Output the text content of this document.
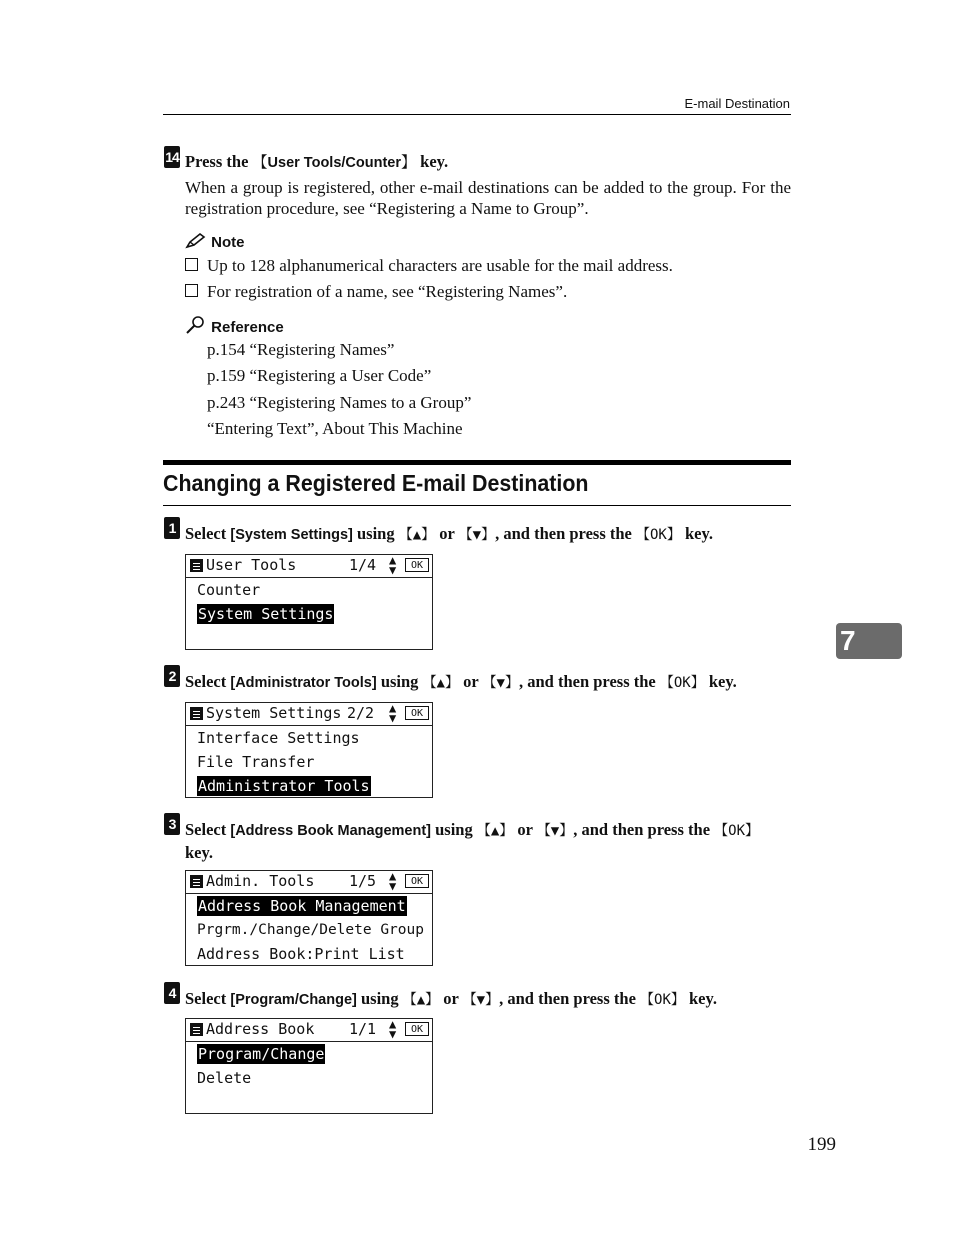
E-mail Destination
14 Press the 【User Tools/Counter】 key.
When a group is registered, other e-mail destinations can be added to the group. For the registration procedure, see “Registering a Name to Group”.
Note
Up to 128 alphanumerical characters are usable for the mail address.
For registration of a name, see “Registering Names”.
Reference
p.154 “Registering Names”
p.159 “Registering a User Code”
p.243 “Registering Names to a Group”
“Entering Text”, About This Machine
Changing a Registered E-mail Destination
7
1 Select [System Settings] using 【▲】 or 【▼】, and then press the 【OK】 key.
User Tools	1/4 ▲
▼	OK
Counter
System Settings
2 Select [Administrator Tools] using 【▲】 or 【▼】, and then press the 【OK】 key.
System Settings 2/2 ▲
▼	OK
Interface Settings
File Transfer
Administrator Tools
3 Select [Address Book Management] using 【▲】 or 【▼】, and then press the 【OK】
key.
Admin. Tools 1/5 ▲
▼	OK
Address Book Management
Prgrm./Change/Delete Group
Address Book:Print List
4 Select [Program/Change] using 【▲】 or 【▼】, and then press the 【OK】 key.
Address Book 1/1 ▲
▼	OK
Program/Change
Delete
199
